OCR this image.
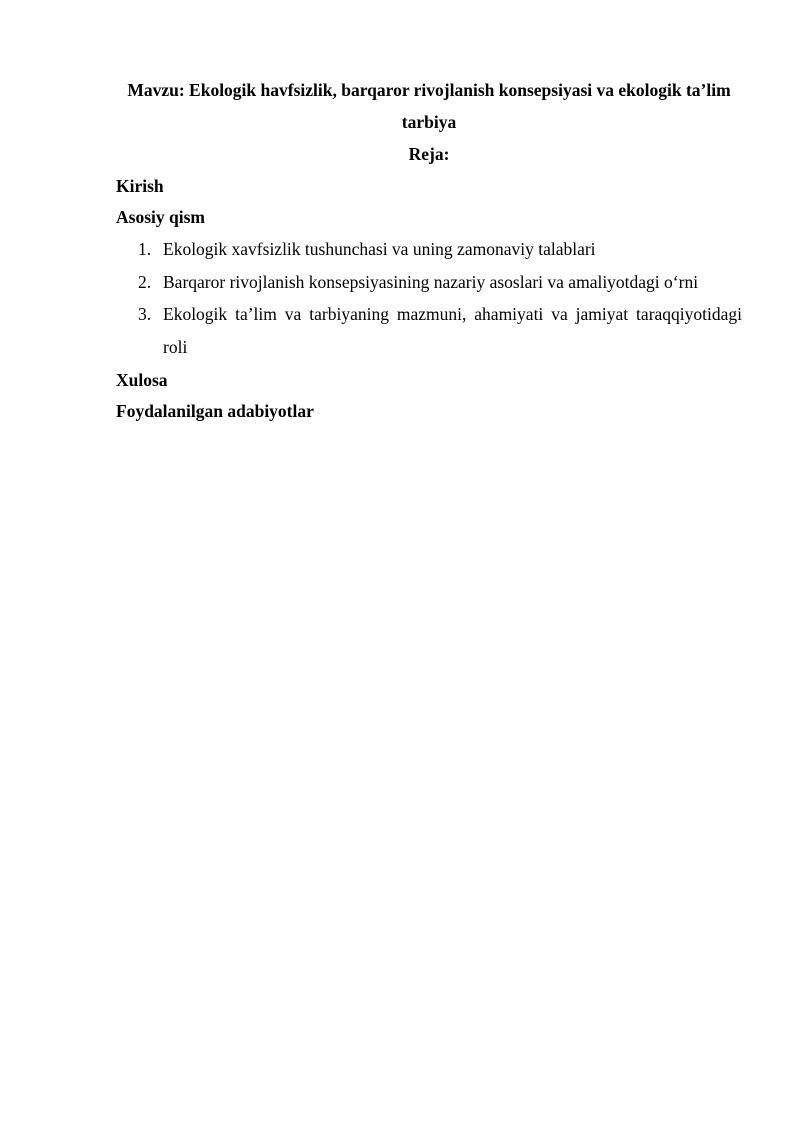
Mavzu: Ekologik havfsizlik, barqaror rivojlanish konsepsiyasi va ekologik ta’lim tarbiya
Reja:
Kirish
Asosiy qism
1. Ekologik xavfsizlik tushunchasi va uning zamonaviy talablari
2. Barqaror rivojlanish konsepsiyasining nazariy asoslari va amaliyotdagi o‘rni
3. Ekologik ta’lim va tarbiyaning mazmuni, ahamiyati va jamiyat taraqqiyotidagi roli
Xulosa
Foydalanilgan adabiyotlar
